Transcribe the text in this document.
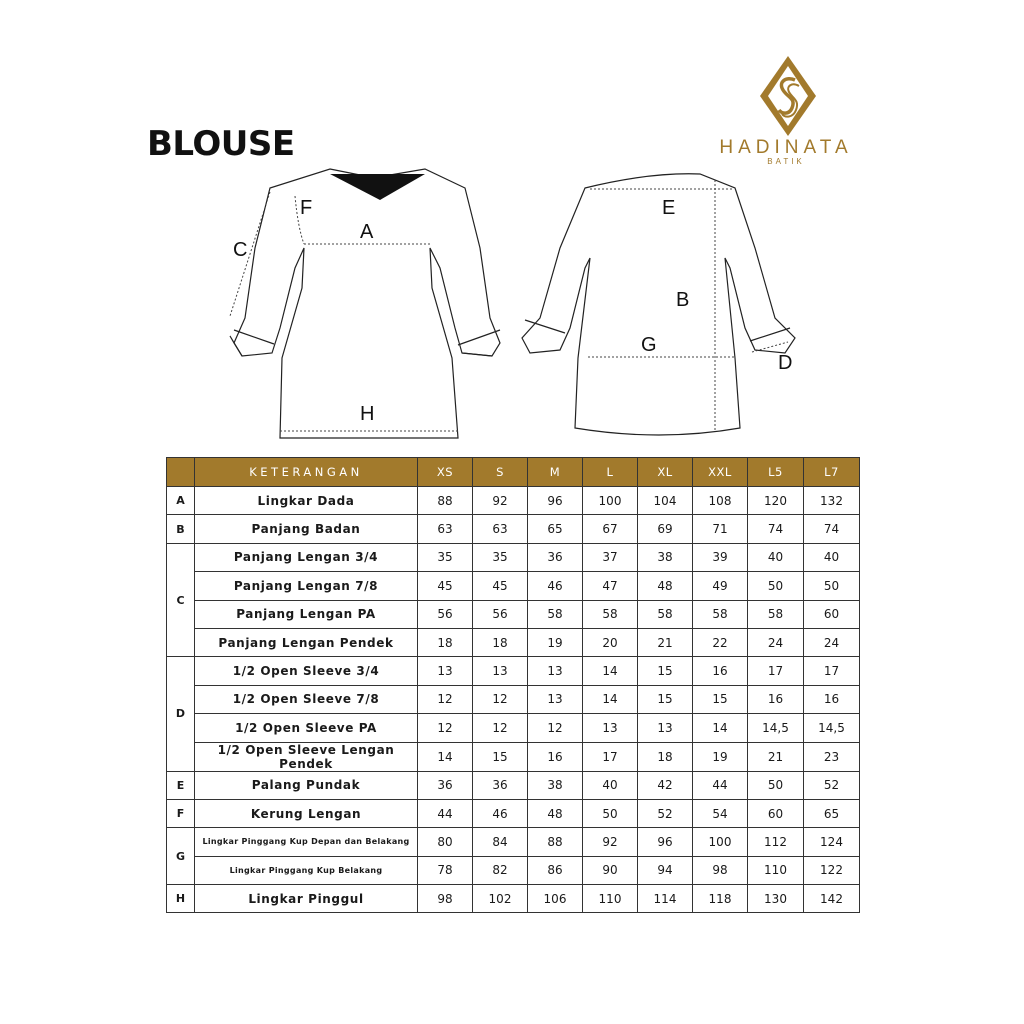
BLOUSE	HADINATA
BATIK
F
A
C
H
E
B
G
D
	KETERANGAN	XS	S	M	L	XL	XXL	L5	L7
A	Lingkar Dada	88	92	96	100	104	108	120	132
B	Panjang Badan	63	63	65	67	69	71	74	74
C	Panjang Lengan 3/4	35	35	36	37	38	39	40	40
	Panjang Lengan 7/8	45	45	46	47	48	49	50	50
	Panjang Lengan PA	56	56	58	58	58	58	58	60
	Panjang Lengan Pendek	18	18	19	20	21	22	24	24
D	1/2 Open Sleeve 3/4	13	13	13	14	15	16	17	17
	1/2 Open Sleeve 7/8	12	12	13	14	15	15	16	16
	1/2 Open Sleeve PA	12	12	12	13	13	14	14,5	14,5
	1/2 Open Sleeve Lengan Pendek	14	15	16	17	18	19	21	23
E	Palang Pundak	36	36	38	40	42	44	50	52
F	Kerung Lengan	44	46	48	50	52	54	60	65
G	Lingkar Pinggang Kup Depan dan Belakang	80	84	88	92	96	100	112	124
	Lingkar Pinggang Kup Belakang	78	82	86	90	94	98	110	122
H	Lingkar Pinggul	98	102	106	110	114	118	130	142
